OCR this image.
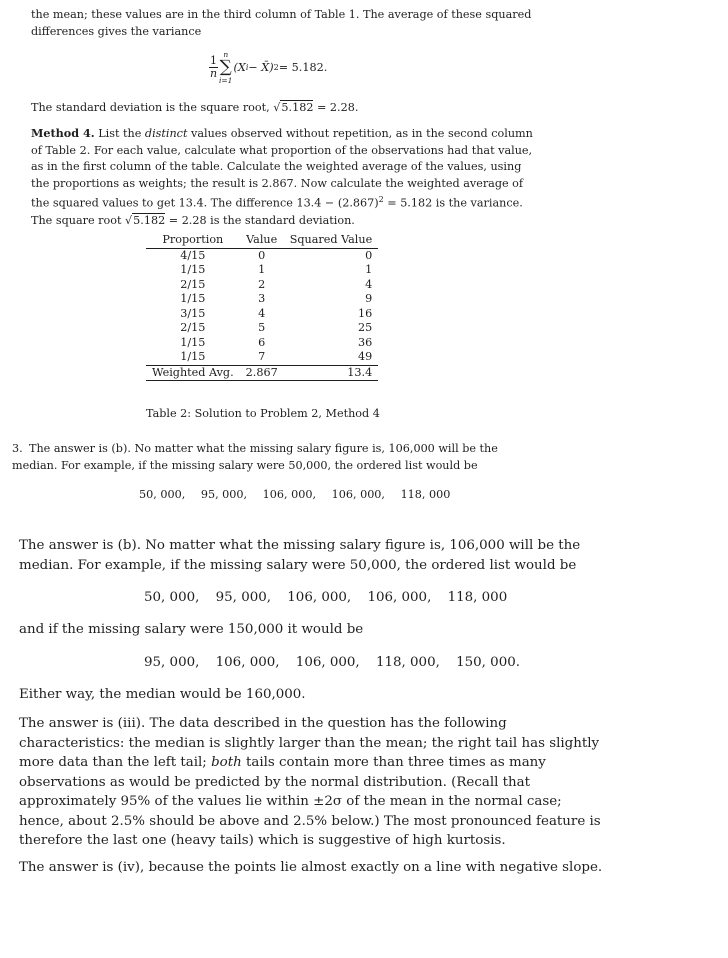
the mean; these values are in the third column of Table 1. The average of these squared differences gives the variance
$\frac{1}{n}$
n
∑
i=1
(X i − X̄) 2 = 5.182.
The standard deviation is the square root, √5.182 = 2.28.
Method 4. List the distinct values observed without repetition, as in the second column of Table 2. For each value, calculate what proportion of the observations had that value, as in the first column of the table. Calculate the weighted average of the values, using the proportions as weights; the result is 2.867. Now calculate the weighted average of the squared values to get 13.4. The difference $13.4 - (2.867)^2 = 5.182$ is the variance. The square root √5.182 = 2.28 is the standard deviation.
Proportion	Value	Squared Value
4/15	0	0
1/15	1	1
2/15	2	4
1/15	3	9
3/15	4	16
2/15	5	25
1/15	6	36
1/15	7	49
Weighted Avg.	2.867	13.4
Table 2: Solution to Problem 2, Method 4
3. The answer is (b). No matter what the missing salary figure is, 106,000 will be the median. For example, if the missing salary were 50,000, the ordered list would be
50, 000, 95, 000, 106, 000, 106, 000, 118, 000
The answer is (b). No matter what the missing salary figure is, 106,000 will be the median. For example, if the missing salary were 50,000, the ordered list would be
50, 000, 95, 000, 106, 000, 106, 000, 118, 000
and if the missing salary were 150,000 it would be
95, 000, 106, 000, 106, 000, 118, 000, 150, 000.
Either way, the median would be 160,000.
The answer is (iii). The data described in the question has the following characteristics: the median is slightly larger than the mean; the right tail has slightly more data than the left tail; both tails contain more than three times as many observations as would be predicted by the normal distribution. (Recall that approximately 95% of the values lie within ±2σ of the mean in the normal case; hence, about 2.5% should be above and 2.5% below.) The most pronounced feature is therefore the last one (heavy tails) which is suggestive of high kurtosis.
The answer is (iv), because the points lie almost exactly on a line with negative slope.
